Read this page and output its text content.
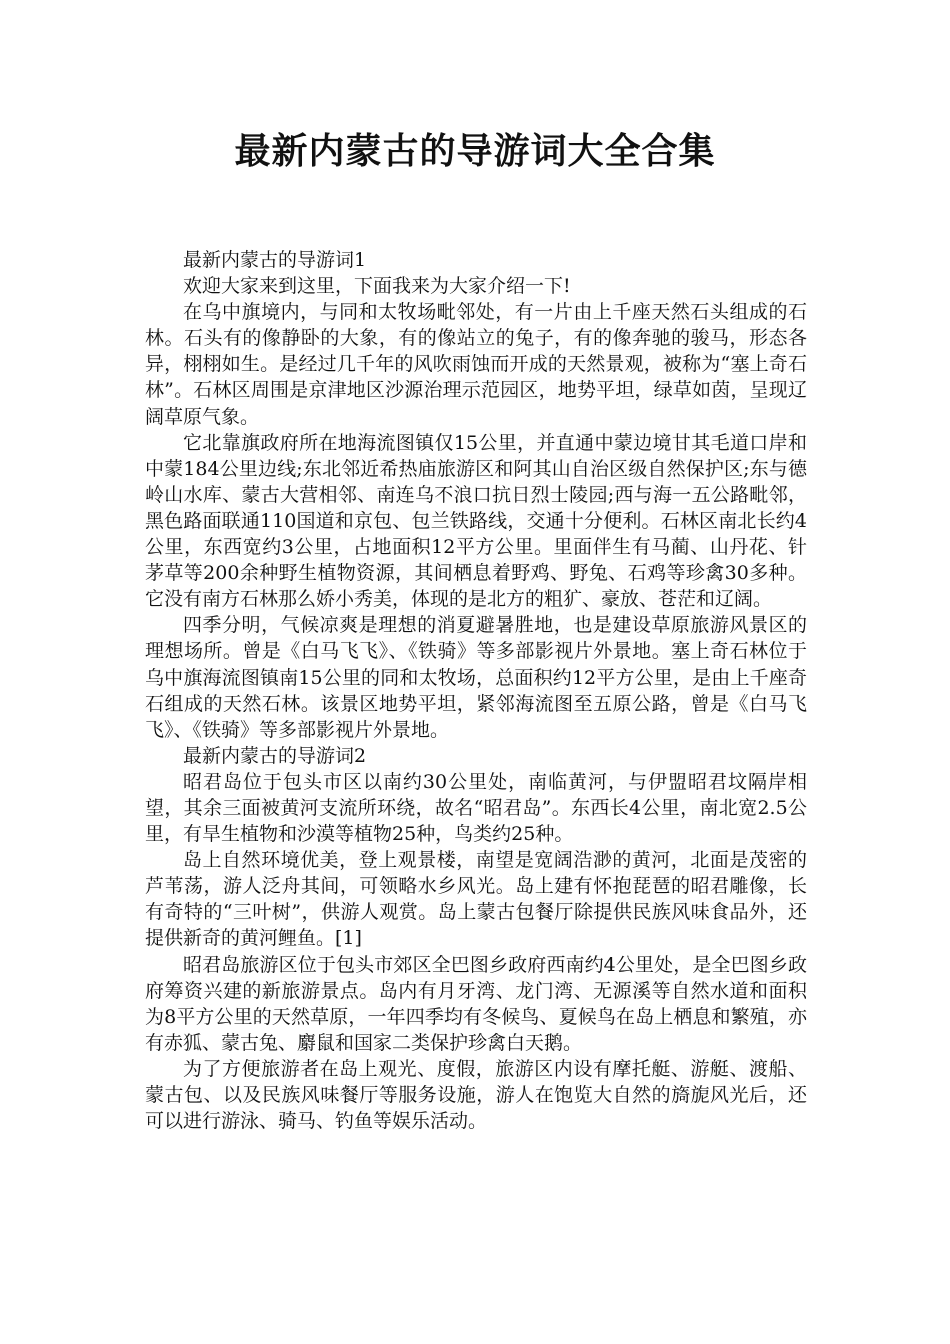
最新内蒙古的导游词大全合集

最新内蒙古的导游词1

欢迎大家来到这里，下面我来为大家介绍一下!

在乌中旗境内，与同和太牧场毗邻处，有一片由上千座天然石头组成的石林。石头有的像静卧的大象，有的像站立的兔子，有的像奔驰的骏马，形态各异，栩栩如生。是经过几千年的风吹雨蚀而开成的天然景观，被称为“塞上奇石林”。石林区周围是京津地区沙源治理示范园区，地势平坦，绿草如茵，呈现辽阔草原气象。

它北靠旗政府所在地海流图镇仅15公里，并直通中蒙边境甘其毛道口岸和中蒙184公里边线;东北邻近希热庙旅游区和阿其山自治区级自然保护区;东与德岭山水库、蒙古大营相邻、南连乌不浪口抗日烈士陵园;西与海一五公路毗邻，黑色路面联通110国道和京包、包兰铁路线，交通十分便利。石林区南北长约4公里，东西宽约3公里，占地面积12平方公里。里面伴生有马蔺、山丹花、针茅草等200余种野生植物资源，其间栖息着野鸡、野兔、石鸡等珍禽30多种。它没有南方石林那么娇小秀美，体现的是北方的粗犷、豪放、苍茫和辽阔。

四季分明，气候凉爽是理想的消夏避暑胜地，也是建设草原旅游风景区的理想场所。曾是《白马飞飞》、《铁骑》等多部影视片外景地。塞上奇石林位于乌中旗海流图镇南15公里的同和太牧场，总面积约12平方公里，是由上千座奇石组成的天然石林。该景区地势平坦，紧邻海流图至五原公路，曾是《白马飞飞》、《铁骑》等多部影视片外景地。

最新内蒙古的导游词2

昭君岛位于包头市区以南约30公里处，南临黄河，与伊盟昭君坟隔岸相望，其余三面被黄河支流所环绕，故名“昭君岛”。东西长4公里，南北宽2.5公里，有旱生植物和沙漠等植物25种，鸟类约25种。

岛上自然环境优美，登上观景楼，南望是宽阔浩渺的黄河，北面是茂密的芦苇荡，游人泛舟其间，可领略水乡风光。岛上建有怀抱琵琶的昭君雕像，长有奇特的“三叶树”，供游人观赏。岛上蒙古包餐厅除提供民族风味食品外，还提供新奇的黄河鲤鱼。[1]

昭君岛旅游区位于包头市郊区全巴图乡政府西南约4公里处，是全巴图乡政府筹资兴建的新旅游景点。岛内有月牙湾、龙门湾、无源溪等自然水道和面积为8平方公里的天然草原，一年四季均有冬候鸟、夏候鸟在岛上栖息和繁殖，亦有赤狐、蒙古兔、麝鼠和国家二类保护珍禽白天鹅。

为了方便旅游者在岛上观光、度假，旅游区内设有摩托艇、游艇、渡船、蒙古包、以及民族风味餐厅等服务设施，游人在饱览大自然的旖旎风光后，还可以进行游泳、骑马、钓鱼等娱乐活动。
